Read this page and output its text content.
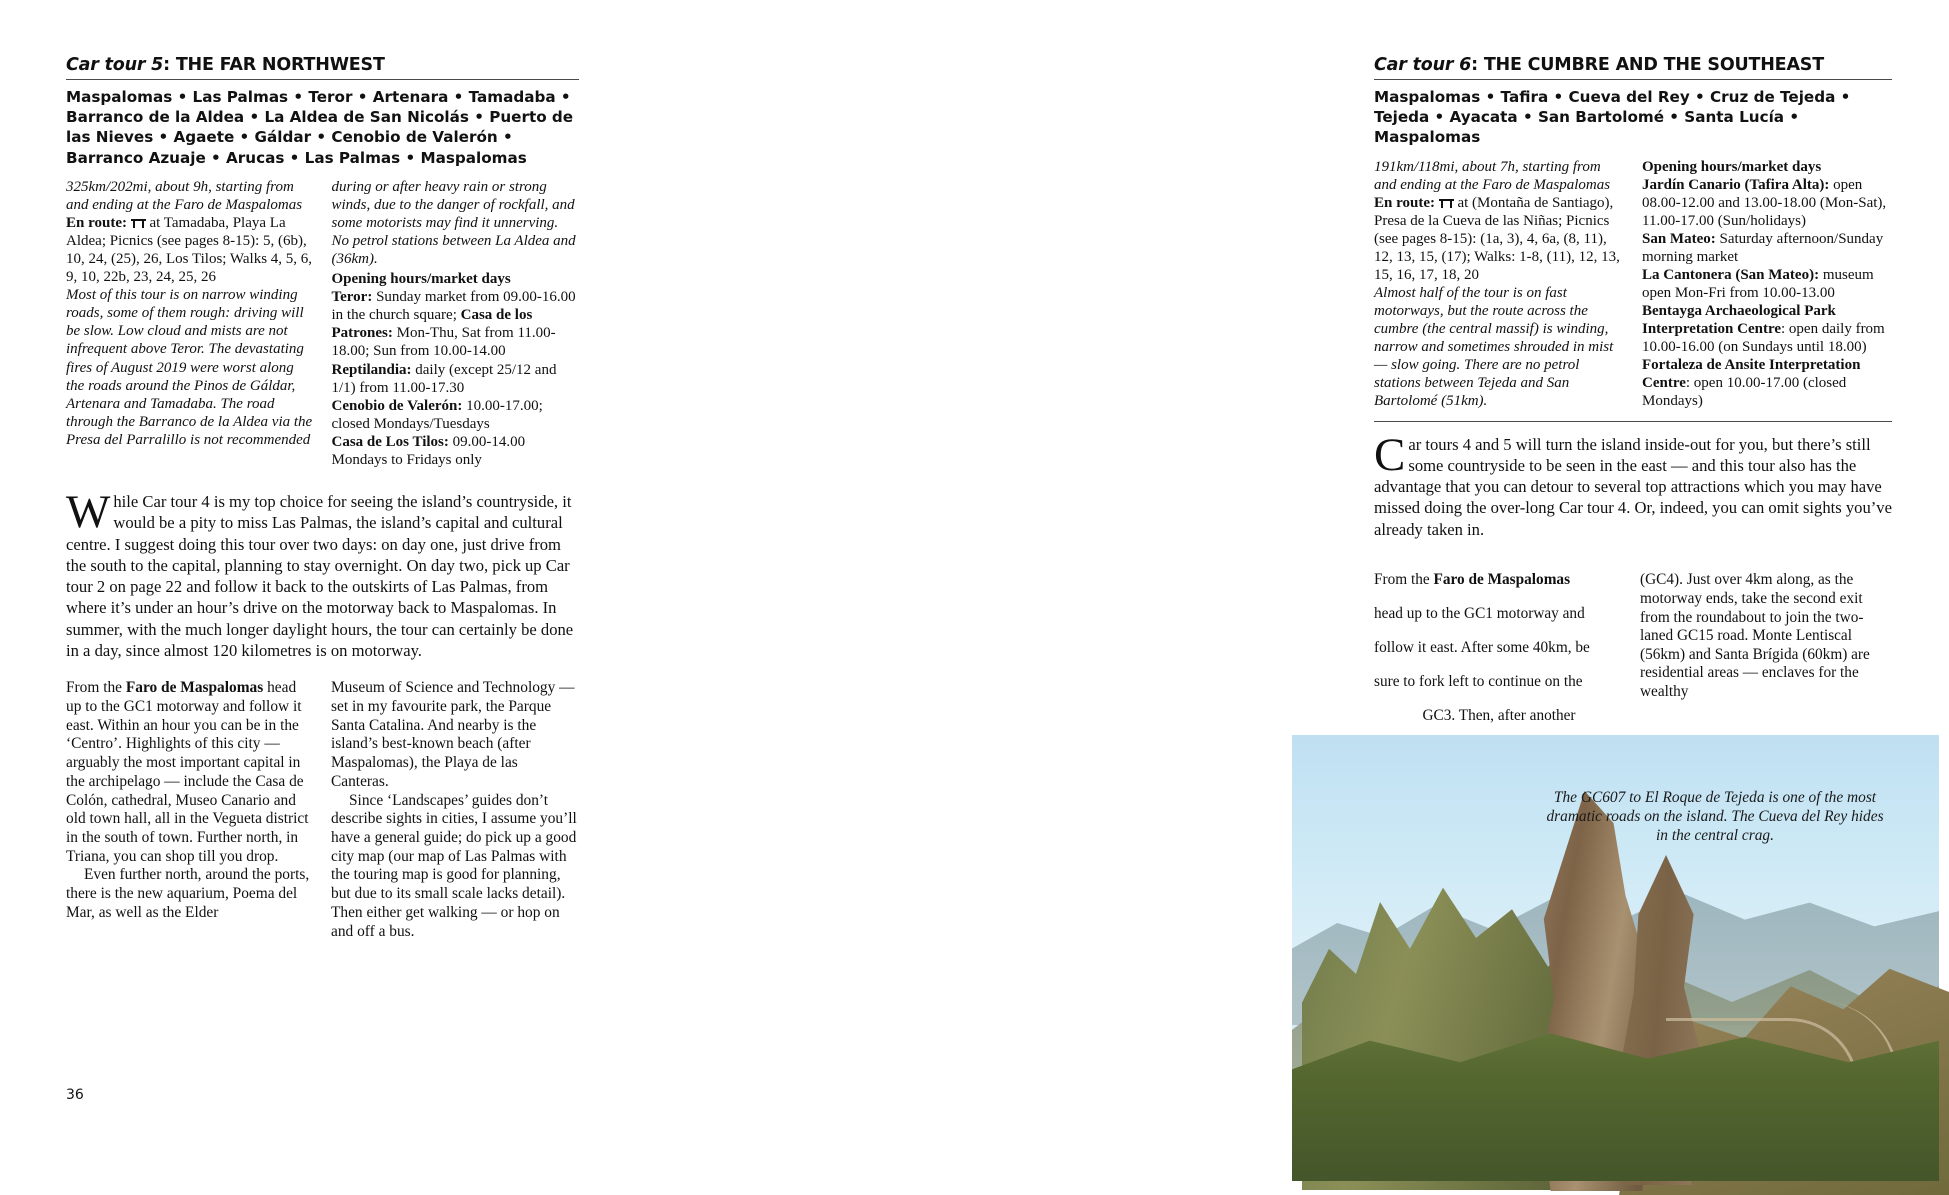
Car tour 5: THE FAR NORTHWEST
Maspalomas • Las Palmas • Teror • Artenara • Tamadaba • Barranco de la Aldea • La Aldea de San Nicolás • Puerto de las Nieves • Agaete • Gáldar • Cenobio de Valerón • Barranco Azuaje • Arucas • Las Palmas • Maspalomas

325km/202mi, about 9h, starting from and ending at the Faro de Maspalomas

En route:  at Tamadaba, Playa La Aldea; Picnics (see pages 8-15): 5, (6b), 10, 24, (25), 26, Los Tilos; Walks 4, 5, 6, 9, 10, 22b, 23, 24, 25, 26

Most of this tour is on narrow winding roads, some of them rough: driving will be slow. Low cloud and mists are not infrequent above Teror. The devastating fires of August 2019 were worst along the roads around the Pinos de Gáldar, Artenara and Tamadaba. The road through the Barranco de la Aldea via the Presa del Parralillo is not recommended

during or after heavy rain or strong winds, due to the danger of rockfall, and some motorists may find it unnerving. No petrol stations between La Aldea and (36km).

Opening hours/market days

Teror: Sunday market from 09.00-16.00 in the church square; Casa de los Patrones: Mon-Thu, Sat from 11.00-18.00; Sun from 10.00-14.00

Reptilandia: daily (except 25/12 and 1/1) from 11.00-17.30

Cenobio de Valerón: 10.00-17.00; closed Mondays/Tuesdays

Casa de Los Tilos: 09.00-14.00 Mondays to Fridays only

W hile Car tour 4 is my top choice for seeing the island’s countryside, it would be a pity to miss Las Palmas, the island’s capital and cultural centre. I suggest doing this tour over two days: on day one, just drive from the south to the capital, planning to stay overnight. On day two, pick up Car tour 2 on page 22 and follow it back to the outskirts of Las Palmas, from where it’s under an hour’s drive on the motorway back to Maspalomas. In summer, with the much longer daylight hours, the tour can certainly be done in a day, since almost 120 kilometres is on motorway.

From the Faro de Maspalomas head up to the GC1 motorway and follow it east. Within an hour you can be in the ‘Centro’. Highlights of this city — arguably the most important capital in the archipelago — include the Casa de Colón, cathedral, Museo Canario and old town hall, all in the Vegueta district in the south of town. Further north, in Triana, you can shop till you drop.

Even further north, around the ports, there is the new aquarium, Poema del Mar, as well as the Elder

Museum of Science and Technology — set in my favourite park, the Parque Santa Catalina. And nearby is the island’s best-known beach (after Maspalomas), the Playa de las Canteras.

Since ‘Landscapes’ guides don’t describe sights in cities, I assume you’ll have a general guide; do pick up a good city map (our map of Las Palmas with the touring map is good for planning, but due to its small scale lacks detail). Then either get walking — or hop on and off a bus.

36
Car tour 6: THE CUMBRE AND THE SOUTHEAST
Maspalomas • Tafira • Cueva del Rey • Cruz de Tejeda • Tejeda • Ayacata • San Bartolomé • Santa Lucía • Maspalomas

191km/118mi, about 7h, starting from and ending at the Faro de Maspalomas

En route:  at (Montaña de Santiago), Presa de la Cueva de las Niñas; Picnics (see pages 8-15): (1a, 3), 4, 6a, (8, 11), 12, 13, 15, (17); Walks: 1-8, (11), 12, 13, 15, 16, 17, 18, 20

Almost half of the tour is on fast motorways, but the route across the cumbre (the central massif) is winding, narrow and sometimes shrouded in mist — slow going. There are no petrol stations between Tejeda and San Bartolomé (51km).

Opening hours/market days

Jardín Canario (Tafira Alta): open 08.00-12.00 and 13.00-18.00 (Mon-Sat), 11.00-17.00 (Sun/holidays)

San Mateo: Saturday afternoon/Sunday morning market

La Cantonera (San Mateo): museum open Mon-Fri from 10.00-13.00

Bentayga Archaeological Park Interpretation Centre: open daily from 10.00-16.00 (on Sundays until 18.00)

Fortaleza de Ansite Interpretation Centre: open 10.00-17.00 (closed Mondays)

C ar tours 4 and 5 will turn the island inside-out for you, but there’s still some countryside to be seen in the east — and this tour also has the advantage that you can detour to several top attractions which you may have missed doing the over-long Car tour 4. Or, indeed, you can omit sights you’ve already taken in.

From the Faro de Maspalomas

head up to the GC1 motorway and

follow it east. After some 40km, be

sure to fork left to continue on the

GC3. Then, after another

(GC4). Just over 4km along, as the motorway ends, take the second exit from the roundabout to join the two-laned GC15 road. Monte Lentiscal (56km) and Santa Brígida (60km) are residential areas — enclaves for the wealthy

The GC607 to El Roque de Tejeda is one of the most dramatic roads on the island. The Cueva del Rey hides in the central crag.
